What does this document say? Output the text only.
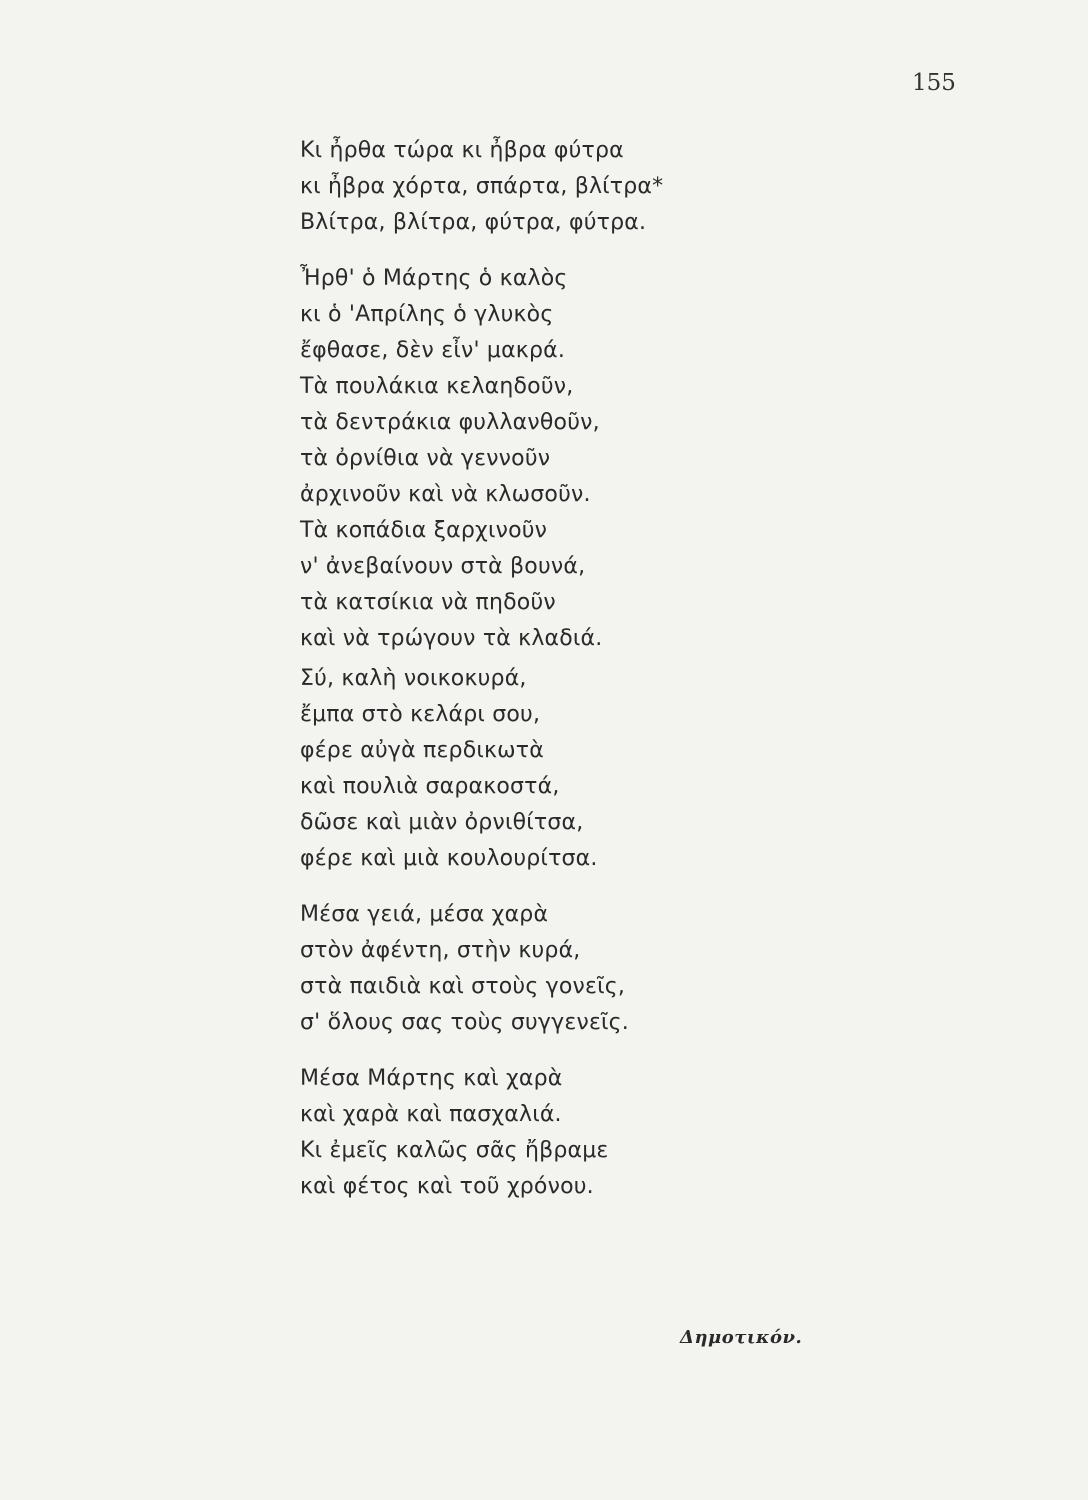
155
Κι ἦρθα τώρα κι ἦβρα φύτρα
κι ἦβρα χόρτα, σπάρτα, βλίτρα*
Βλίτρα, βλίτρα, φύτρα, φύτρα.
Ἦρθ' ὁ Μάρτης ὁ καλὸς
κι ὁ 'Απρίλης ὁ γλυκὸς
ἔφθασε, δὲν εἶν' μακρά.
Τὰ πουλάκια κελαηδοῦν,
τὰ δεντράκια φυλλανθοῦν,
τὰ ὀρνίθια νὰ γεννοῦν
ἀρχινοῦν καὶ νὰ κλωσοῦν.
Τὰ κοπάδια ξαρχινοῦν
ν' ἀνεβαίνουν στὰ βουνά,
τὰ κατσίκια νὰ πηδοῦν
καὶ νὰ τρώγουν τὰ κλαδιά.
Σύ, καλὴ νοικοκυρά,
ἔμπα στὸ κελάρι σου,
φέρε αὐγὰ περδικωτὰ
καὶ πουλιὰ σαρακοστά,
δῶσε καὶ μιὰν ὀρνιθίτσα,
φέρε καὶ μιὰ κουλουρίτσα.
Μέσα γειά, μέσα χαρὰ
στὸν ἀφέντη, στὴν κυρά,
στὰ παιδιὰ καὶ στοὺς γονεῖς,
σ' ὅλους σας τοὺς συγγενεῖς.
Μέσα Μάρτης καὶ χαρὰ
καὶ χαρὰ καὶ πασχαλιά.
Κι ἐμεῖς καλῶς σᾶς ἤβραμε
καὶ φέτος καὶ τοῦ χρόνου.
Δημοτικόν.
